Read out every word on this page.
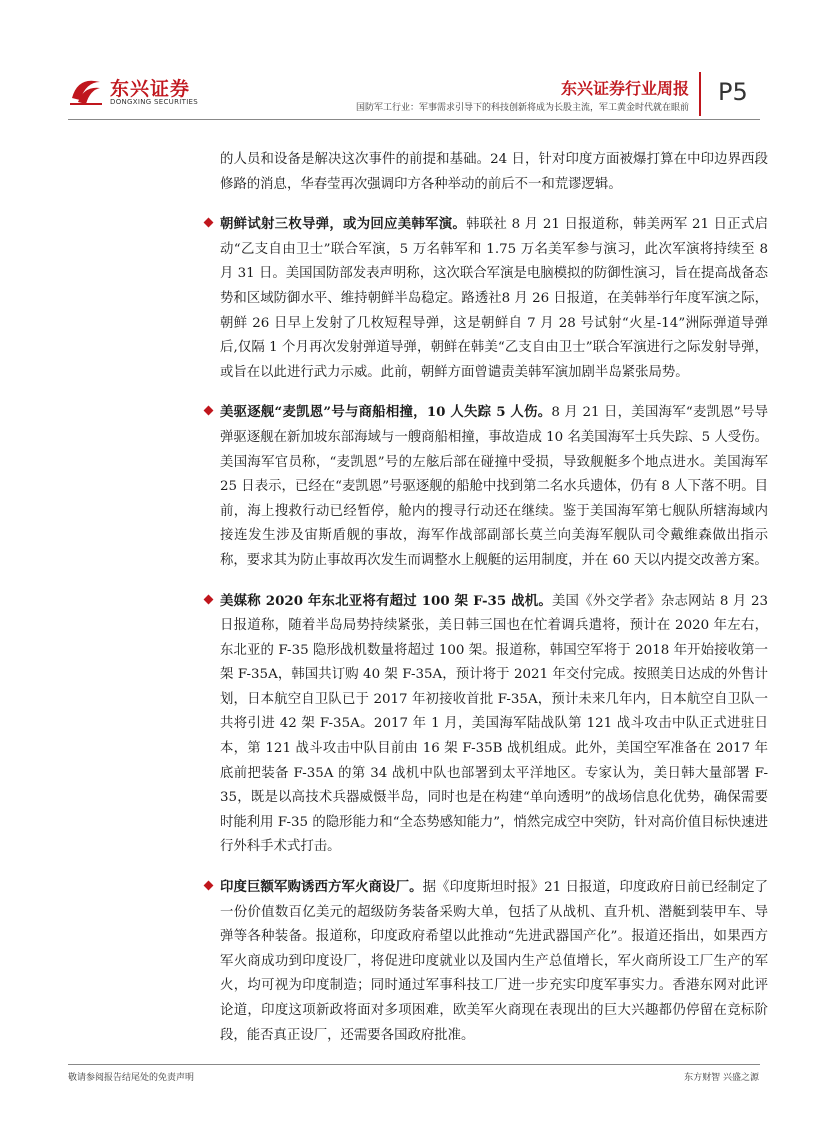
东兴证券
DONGXING SECURITIES
东兴证券行业周报
国防军工行业：军事需求引导下的科技创新将成为长股主流，军工黄金时代就在眼前
P5

的人员和设备是解决这次事件的前提和基础。24 日，针对印度方面被爆打算在中印边界西段修路的消息，华春莹再次强调印方各种举动的前后不一和荒谬逻辑。

朝鲜试射三枚导弹，或为回应美韩军演。韩联社 8 月 21 日报道称，韩美两军 21 日正式启动“乙支自由卫士”联合军演，5 万名韩军和 1.75 万名美军参与演习，此次军演将持续至 8 月 31 日。美国国防部发表声明称，这次联合军演是电脑模拟的防御性演习，旨在提高战备态势和区域防御水平、维持朝鲜半岛稳定。路透社8 月 26 日报道，在美韩举行年度军演之际，朝鲜 26 日早上发射了几枚短程导弹，这是朝鲜自 7 月 28 号试射“火星-14”洲际弹道导弹后,仅隔 1 个月再次发射弹道导弹，朝鲜在韩美“乙支自由卫士”联合军演进行之际发射导弹，或旨在以此进行武力示威。此前，朝鲜方面曾谴责美韩军演加剧半岛紧张局势。

美驱逐舰“麦凯恩”号与商船相撞，10 人失踪 5 人伤。8 月 21 日，美国海军“麦凯恩”号导弹驱逐舰在新加坡东部海域与一艘商船相撞，事故造成 10 名美国海军士兵失踪、5 人受伤。美国海军官员称，“麦凯恩”号的左舷后部在碰撞中受损，导致舰艇多个地点进水。美国海军 25 日表示，已经在“麦凯恩”号驱逐舰的船舱中找到第二名水兵遗体，仍有 8 人下落不明。目前，海上搜救行动已经暂停，舱内的搜寻行动还在继续。鉴于美国海军第七舰队所辖海域内接连发生涉及宙斯盾舰的事故，海军作战部副部长莫兰向美海军舰队司令戴维森做出指示称，要求其为防止事故再次发生而调整水上舰艇的运用制度，并在 60 天以内提交改善方案。

美媒称 2020 年东北亚将有超过 100 架 F-35 战机。美国《外交学者》杂志网站 8 月 23 日报道称，随着半岛局势持续紧张，美日韩三国也在忙着调兵遣将，预计在 2020 年左右，东北亚的 F-35 隐形战机数量将超过 100 架。报道称，韩国空军将于 2018 年开始接收第一架 F-35A，韩国共订购 40 架 F-35A，预计将于 2021 年交付完成。按照美日达成的外售计划，日本航空自卫队已于 2017 年初接收首批 F-35A，预计未来几年内，日本航空自卫队一共将引进 42 架 F-35A。2017 年 1 月，美国海军陆战队第 121 战斗攻击中队正式进驻日本，第 121 战斗攻击中队目前由 16 架 F-35B 战机组成。此外，美国空军准备在 2017 年底前把装备 F-35A 的第 34 战机中队也部署到太平洋地区。专家认为，美日韩大量部署 F-35，既是以高技术兵器威慑半岛，同时也是在构建“单向透明”的战场信息化优势，确保需要时能利用 F-35 的隐形能力和“全态势感知能力”，悄然完成空中突防，针对高价值目标快速进行外科手术式打击。

印度巨额军购诱西方军火商设厂。据《印度斯坦时报》21 日报道，印度政府日前已经制定了一份价值数百亿美元的超级防务装备采购大单，包括了从战机、直升机、潜艇到装甲车、导弹等各种装备。报道称，印度政府希望以此推动“先进武器国产化”。报道还指出，如果西方军火商成功到印度设厂，将促进印度就业以及国内生产总值增长，军火商所设工厂生产的军火，均可视为印度制造；同时通过军事科技工厂进一步充实印度军事实力。香港东网对此评论道，印度这项新政将面对多项困难，欧美军火商现在表现出的巨大兴趣都仍停留在竞标阶段，能否真正设厂，还需要各国政府批准。

敬请参阅报告结尾处的免责声明	东方财智 兴盛之源
